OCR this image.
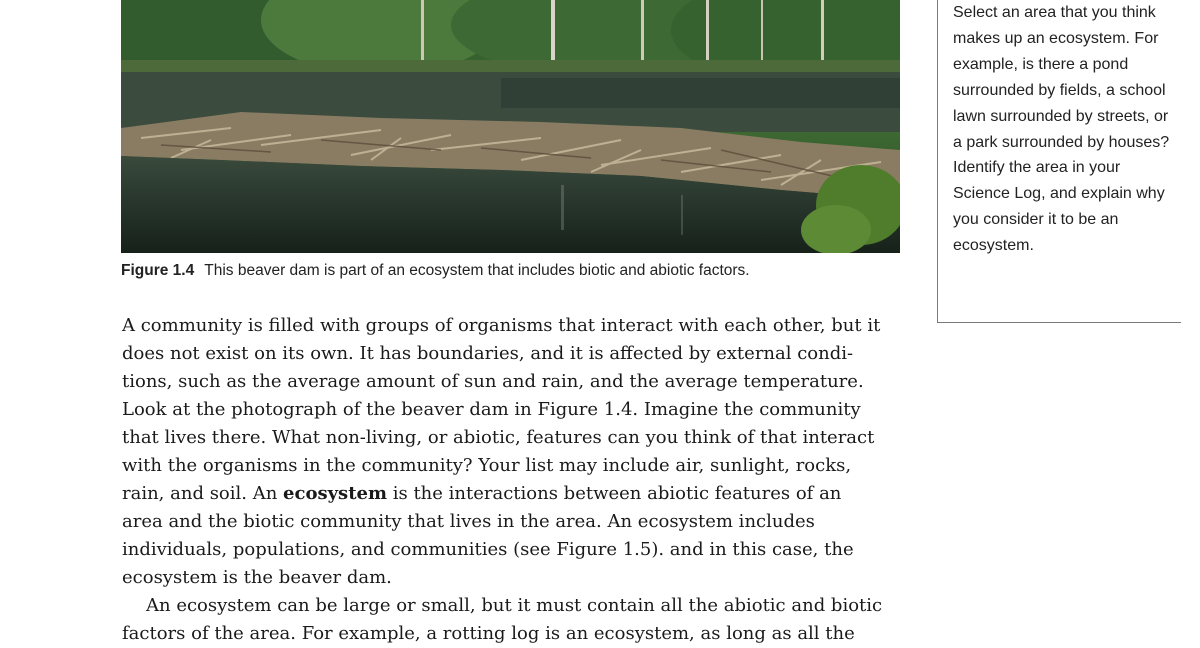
Figure 1.4 This beaver dam is part of an ecosystem that includes biotic and abiotic factors.

Select an area that you think makes up an ecosystem. For example, is there a pond surrounded by fields, a school lawn surrounded by streets, or a park surrounded by houses? Identify the area in your Science Log, and explain why you consider it to be an ecosystem.

A community is filled with groups of organisms that interact with each other, but it
does not exist on its own. It has boundaries, and it is affected by external condi-
tions, such as the average amount of sun and rain, and the average temperature.
Look at the photograph of the beaver dam in Figure 1.4. Imagine the community
that lives there. What non-living, or abiotic, features can you think of that interact
with the organisms in the community? Your list may include air, sunlight, rocks,
rain, and soil. An ecosystem is the interactions between abiotic features of an
area and the biotic community that lives in the area. An ecosystem includes
individuals, populations, and communities (see Figure 1.5). and in this case, the
ecosystem is the beaver dam.

An ecosystem can be large or small, but it must contain all the abiotic and biotic
factors of the area. For example, a rotting log is an ecosystem, as long as all the
